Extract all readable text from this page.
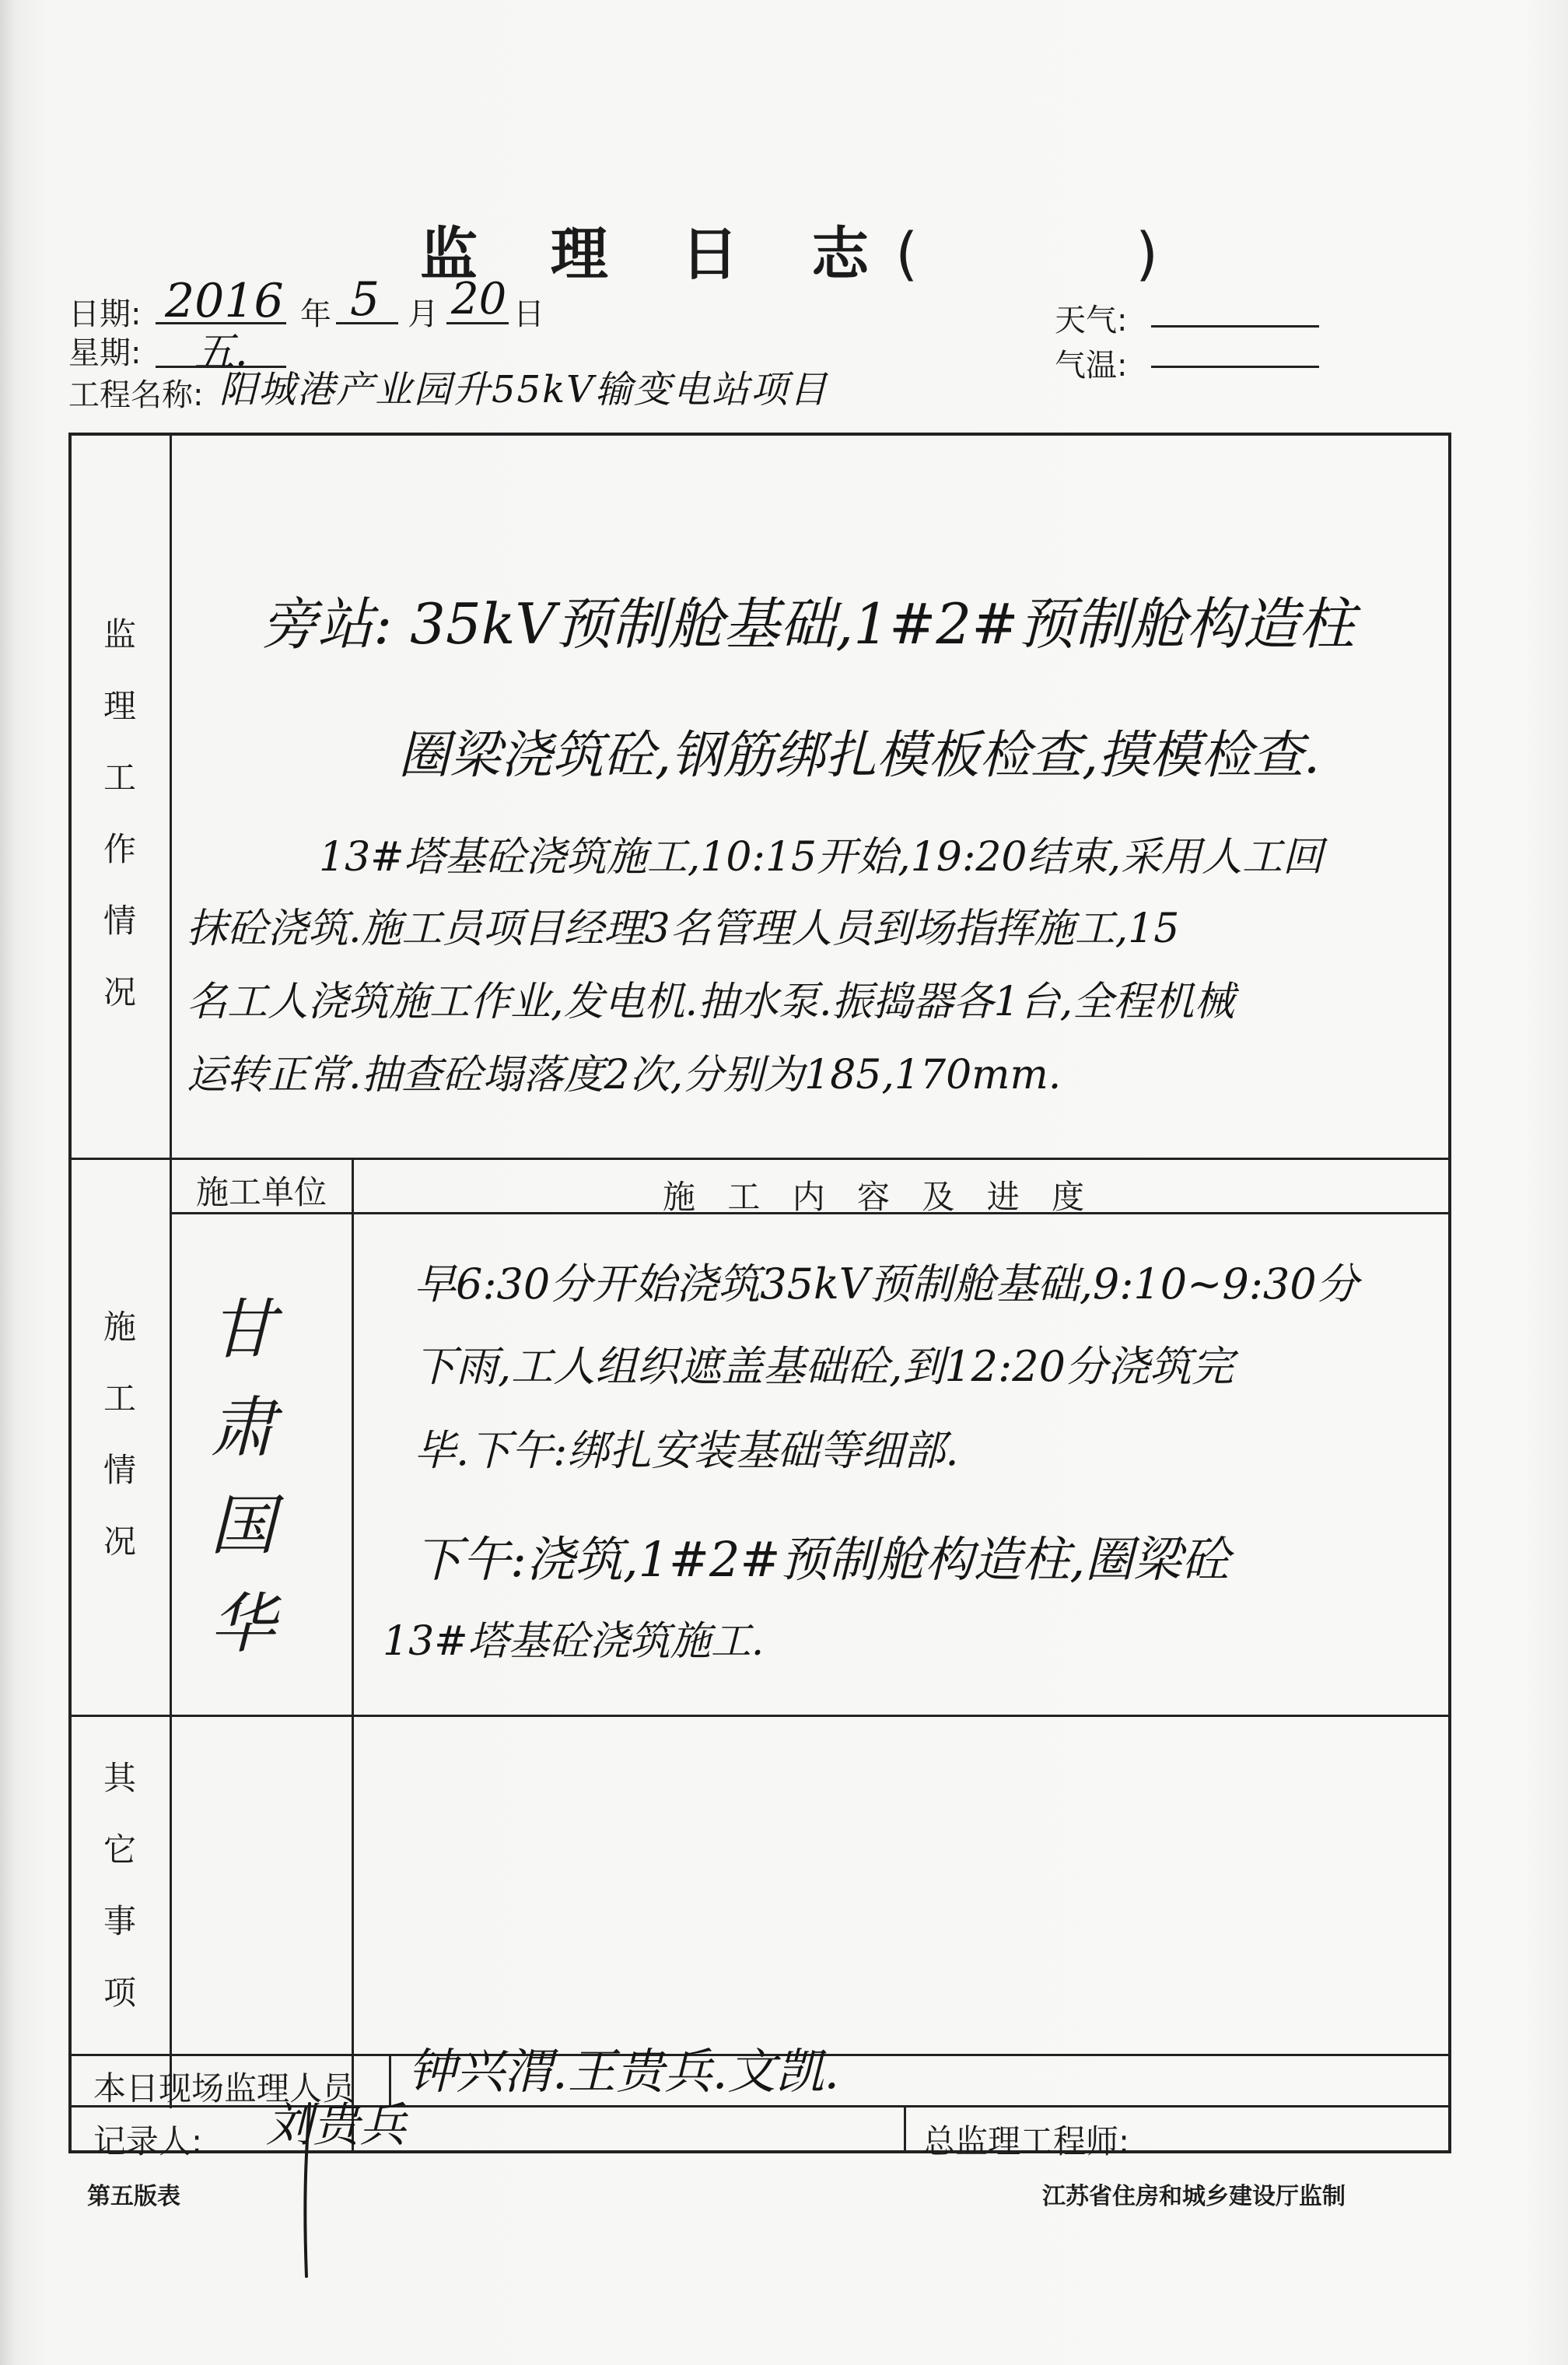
监 理 日 志(	)
日期: 2016 年 5 月 20 日
星期: 五.
工程名称: 阳城港产业园升55kV输变电站项目
天气:
气温:
监
理
工
作
情
况
旁站: 35kV预制舱基础,1#2#预制舱构造柱
圈梁浇筑砼,钢筋绑扎模板检查,摸模检查.
13#塔基砼浇筑施工,10:15开始,19:20结束,采用人工回
抹砼浇筑.施工员项目经理3名管理人员到场指挥施工,15
名工人浇筑施工作业,发电机.抽水泵.振捣器各1台,全程机械
运转正常.抽查砼塌落度2次,分别为185,170mm.
施
工
情
况
施工单位	施 工 内 容 及 进 度
甘
肃
国
华
早6:30分开始浇筑35kV预制舱基础,9:10~9:30分
下雨,工人组织遮盖基础砼,到12:20分浇筑完
毕.下午:绑扎安装基础等细部.
下午:浇筑,1#2#预制舱构造柱,圈梁砼
13#塔基砼浇筑施工.
其
它
事
项
本日现场监理人员 钟兴渭.王贵兵.文凯.
记录人: 刘贵兵	总监理工程师:
第五版表	江苏省住房和城乡建设厅监制
